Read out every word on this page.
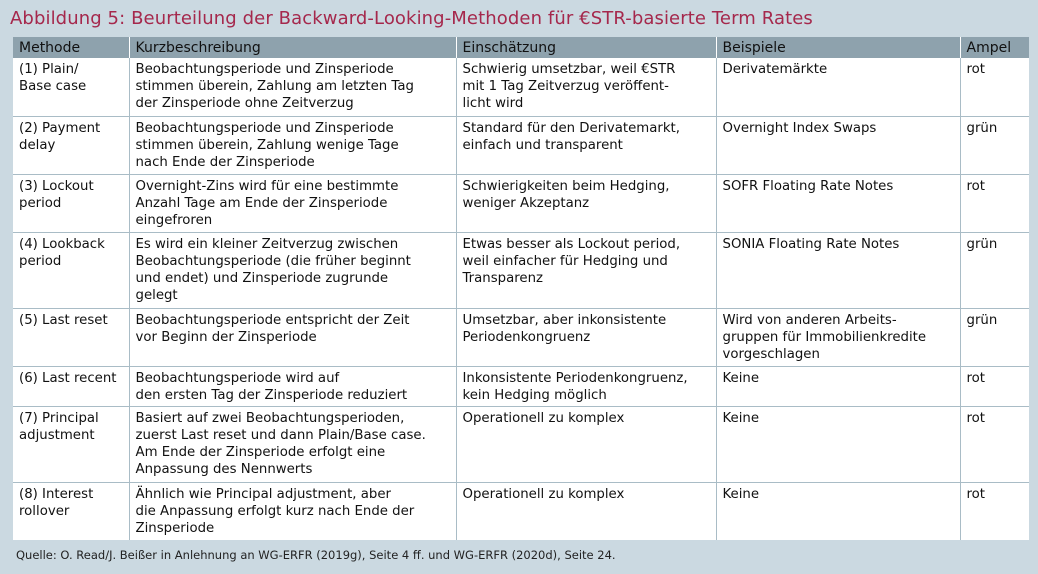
Abbildung 5: Beurteilung der Backward-Looking-Methoden für €STR-basierte Term Rates
Methode	Kurzbeschreibung	Einschätzung	Beispiele	Ampel
(1) Plain/
Base case	Beobachtungsperiode und Zinsperiode
stimmen überein, Zahlung am letzten Tag
der Zinsperiode ohne Zeitverzug	Schwierig umsetzbar, weil €STR
mit 1 Tag Zeitverzug veröffent-
licht wird	Derivatemärkte	rot
(2) Payment
delay	Beobachtungsperiode und Zinsperiode
stimmen überein, Zahlung wenige Tage
nach Ende der Zinsperiode	Standard für den Derivatemarkt,
einfach und transparent	Overnight Index Swaps	grün
(3) Lockout
period	Overnight-Zins wird für eine bestimmte
Anzahl Tage am Ende der Zinsperiode
eingefroren	Schwierigkeiten beim Hedging,
weniger Akzeptanz	SOFR Floating Rate Notes	rot
(4) Lookback
period	Es wird ein kleiner Zeitverzug zwischen
Beobachtungsperiode (die früher beginnt
und endet) und Zinsperiode zugrunde
gelegt	Etwas besser als Lockout period,
weil einfacher für Hedging und
Transparenz	SONIA Floating Rate Notes	grün
(5) Last reset	Beobachtungsperiode entspricht der Zeit
vor Beginn der Zinsperiode	Umsetzbar, aber inkonsistente
Periodenkongruenz	Wird von anderen Arbeits-
gruppen für Immobilienkredite
vorgeschlagen	grün
(6) Last recent	Beobachtungsperiode wird auf
den ersten Tag der Zinsperiode reduziert	Inkonsistente Periodenkongruenz,
kein Hedging möglich	Keine	rot
(7) Principal
adjustment	Basiert auf zwei Beobachtungsperioden,
zuerst Last reset und dann Plain/Base case.
Am Ende der Zinsperiode erfolgt eine
Anpassung des Nennwerts	Operationell zu komplex	Keine	rot
(8) Interest
rollover	Ähnlich wie Principal adjustment, aber
die Anpassung erfolgt kurz nach Ende der
Zinsperiode	Operationell zu komplex	Keine	rot
Quelle: O. Read/J. Beißer in Anlehnung an WG-ERFR (2019g), Seite 4 ff. und WG-ERFR (2020d), Seite 24.
